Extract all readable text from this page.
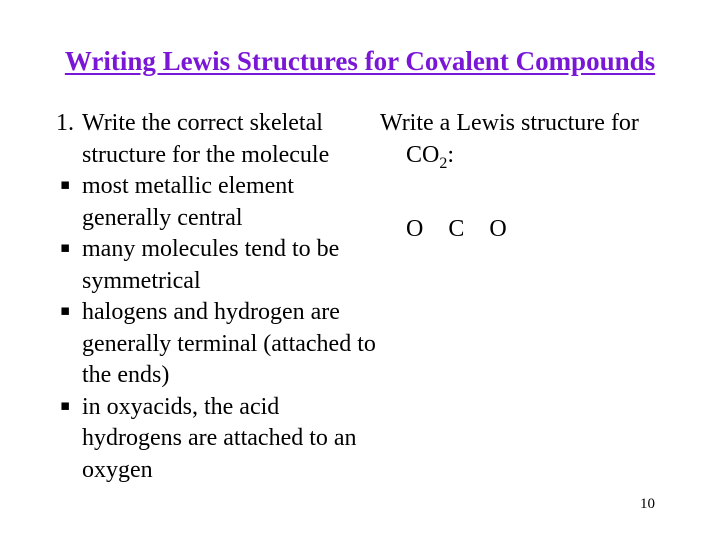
Writing Lewis Structures for Covalent Compounds
1. Write the correct skeletal structure for the molecule
▪ most metallic element generally central
▪ many molecules tend to be symmetrical
▪ halogens and hydrogen are generally terminal (attached to the ends)
▪ in oxyacids, the acid hydrogens are attached to an oxygen
Write a Lewis structure for
$CO_2$:
O C O
10
